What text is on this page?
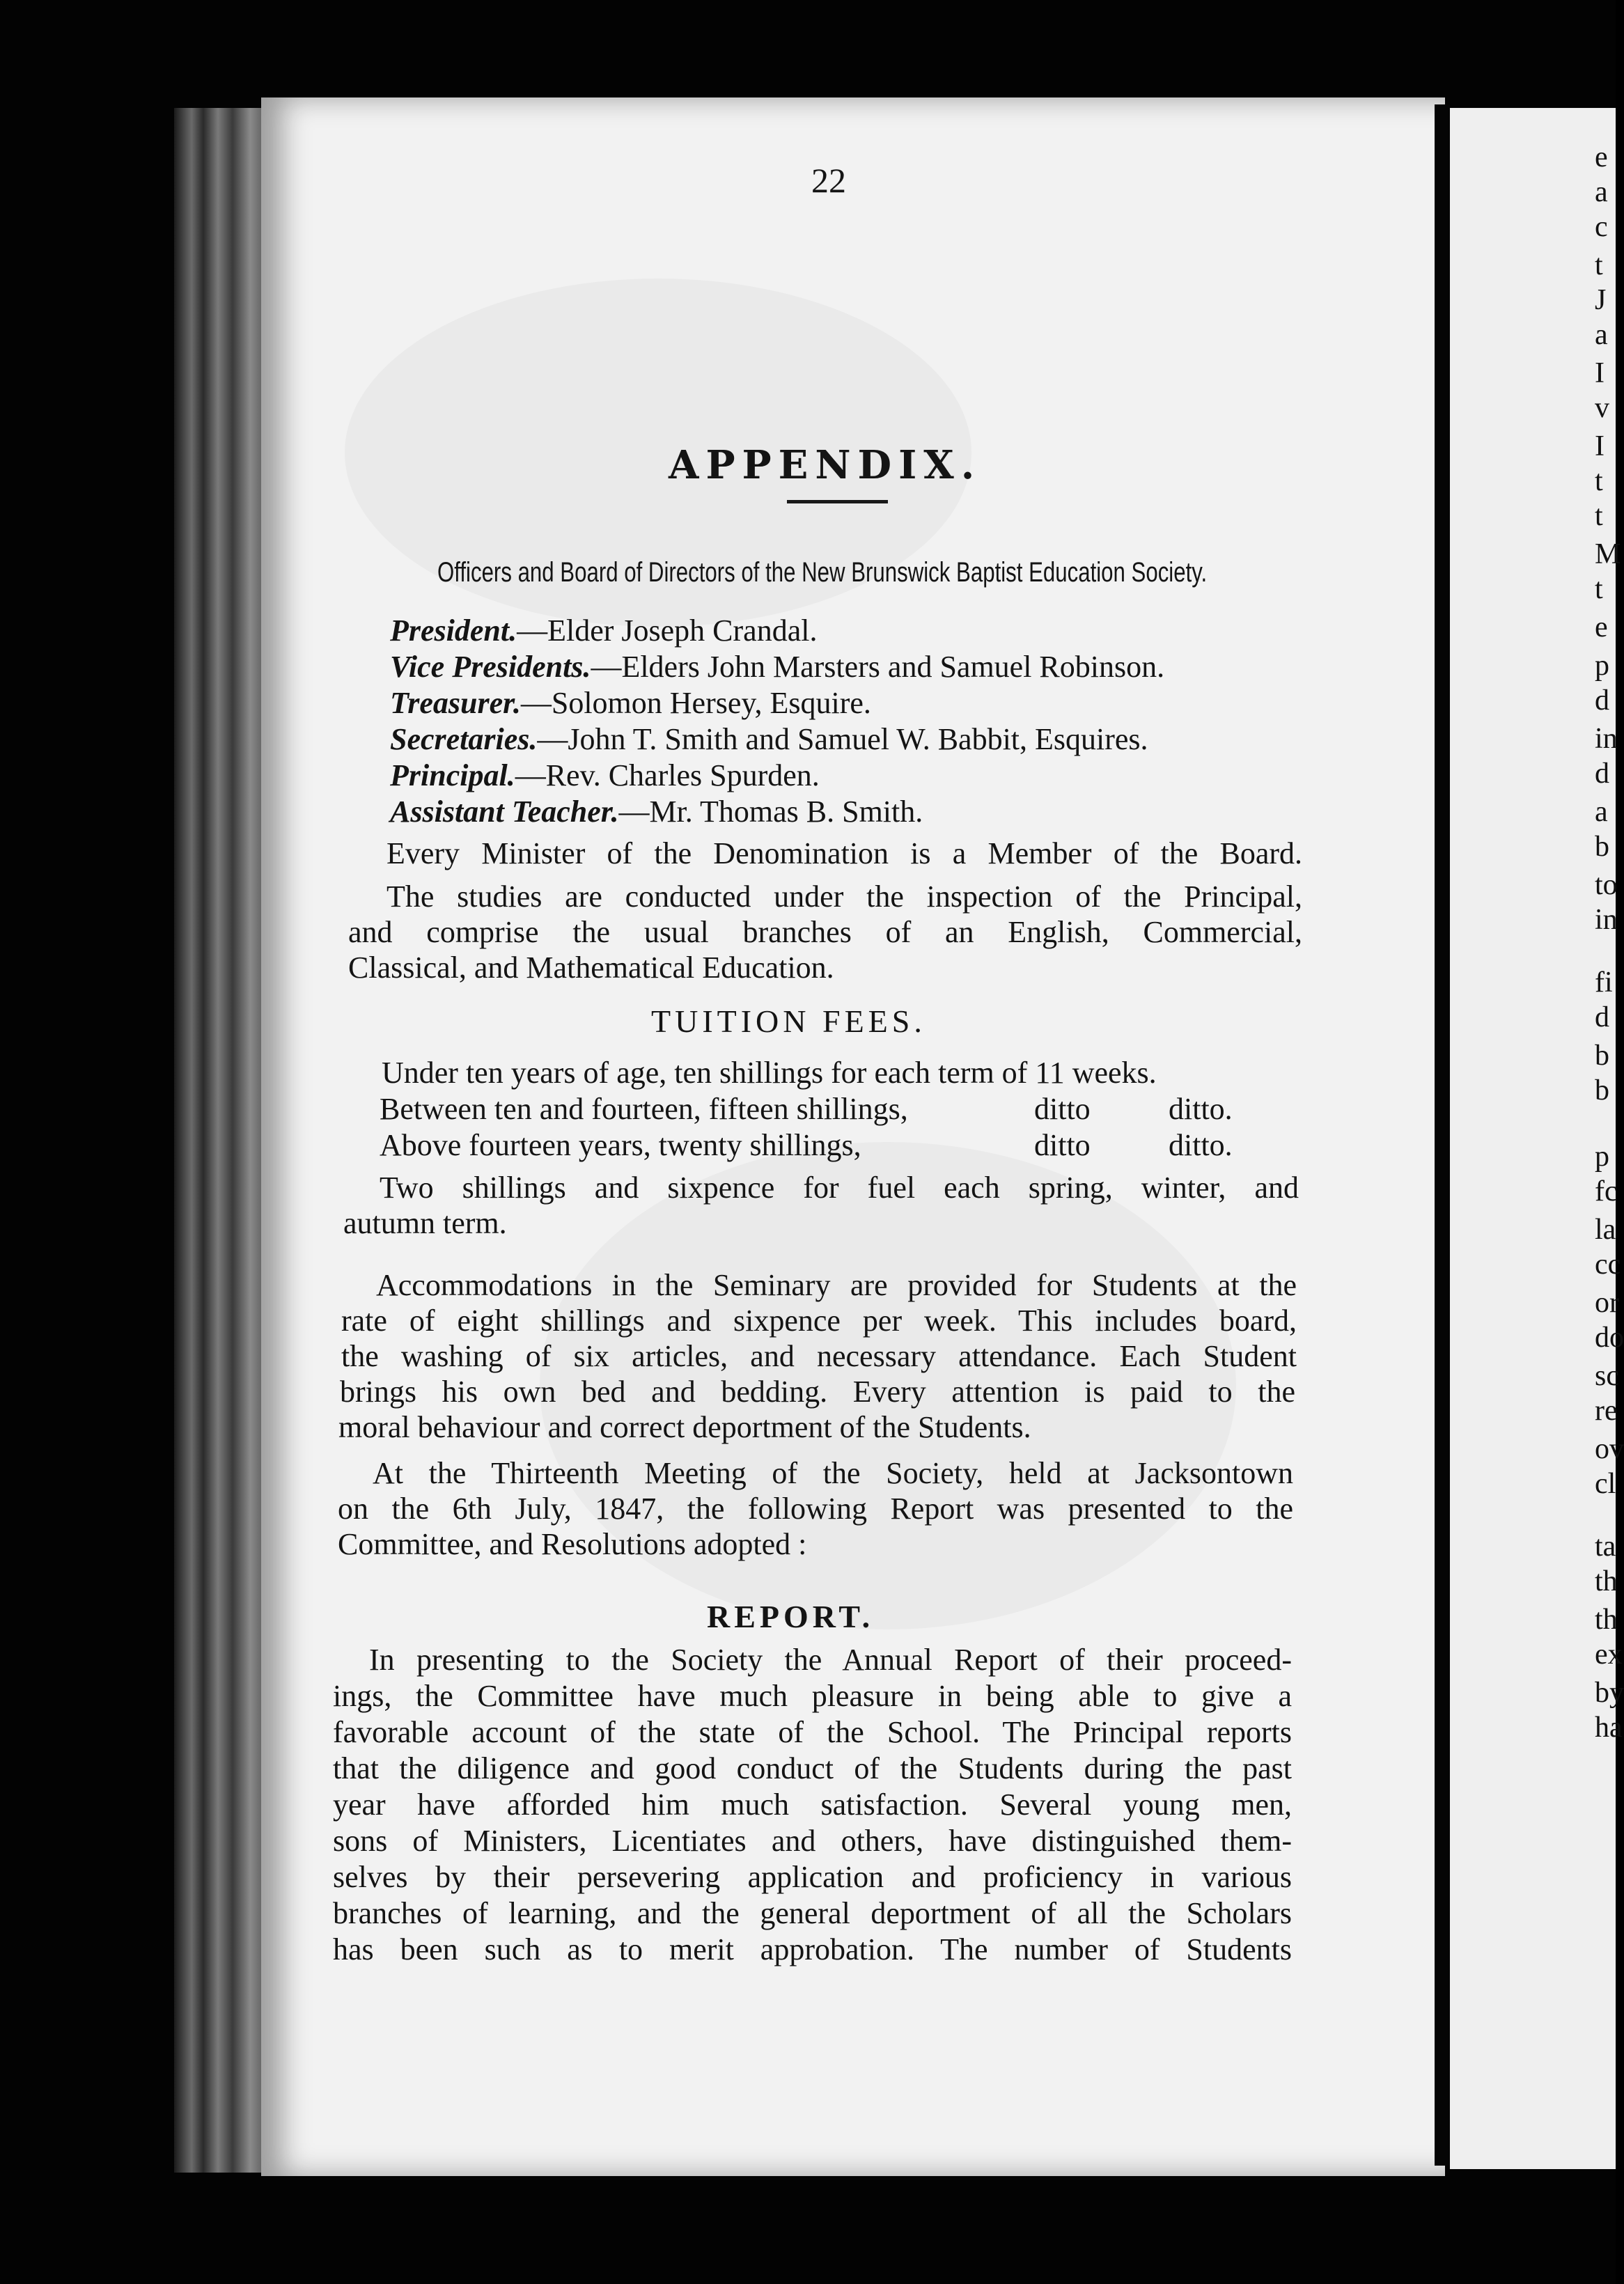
e
a
c
t
J
a
I
v
I
t
t
M
t
e
p
d
in
d
a
b
to
in
fi
d
b
b
p
fc
la
cc
or
do
sc
re
ov
cl
ta
th
th
ex
by
ha
22
APPENDIX.
Officers and Board of Directors of the New Brunswick Baptist Education Society.
President.—Elder Joseph Crandal.
Vice Presidents.—Elders John Marsters and Samuel Robinson.
Treasurer.—Solomon Hersey, Esquire.
Secretaries.—John T. Smith and Samuel W. Babbit, Esquires.
Principal.—Rev. Charles Spurden.
Assistant Teacher.—Mr. Thomas B. Smith.
Every Minister of the Denomination is a Member of the Board.
The studies are conducted under the inspection of the Principal,
and comprise the usual branches of an English, Commercial,
Classical, and Mathematical Education.
TUITION FEES.
Under ten years of age, ten shillings for each term of 11 weeks.
Between ten and fourteen, fifteen shillings,	ditto	ditto.
Above fourteen years, twenty shillings,	ditto	ditto.
Two shillings and sixpence for fuel each spring, winter, and
autumn term.
Accommodations in the Seminary are provided for Students at the
rate of eight shillings and sixpence per week. This includes board,
the washing of six articles, and necessary attendance. Each Student
brings his own bed and bedding. Every attention is paid to the
moral behaviour and correct deportment of the Students.
At the Thirteenth Meeting of the Society, held at Jacksontown
on the 6th July, 1847, the following Report was presented to the
Committee, and Resolutions adopted :
REPORT.
In presenting to the Society the Annual Report of their proceed-
ings, the Committee have much pleasure in being able to give a
favorable account of the state of the School. The Principal reports
that the diligence and good conduct of the Students during the past
year have afforded him much satisfaction. Several young men,
sons of Ministers, Licentiates and others, have distinguished them-
selves by their persevering application and proficiency in various
branches of learning, and the general deportment of all the Scholars
has been such as to merit approbation. The number of Students
